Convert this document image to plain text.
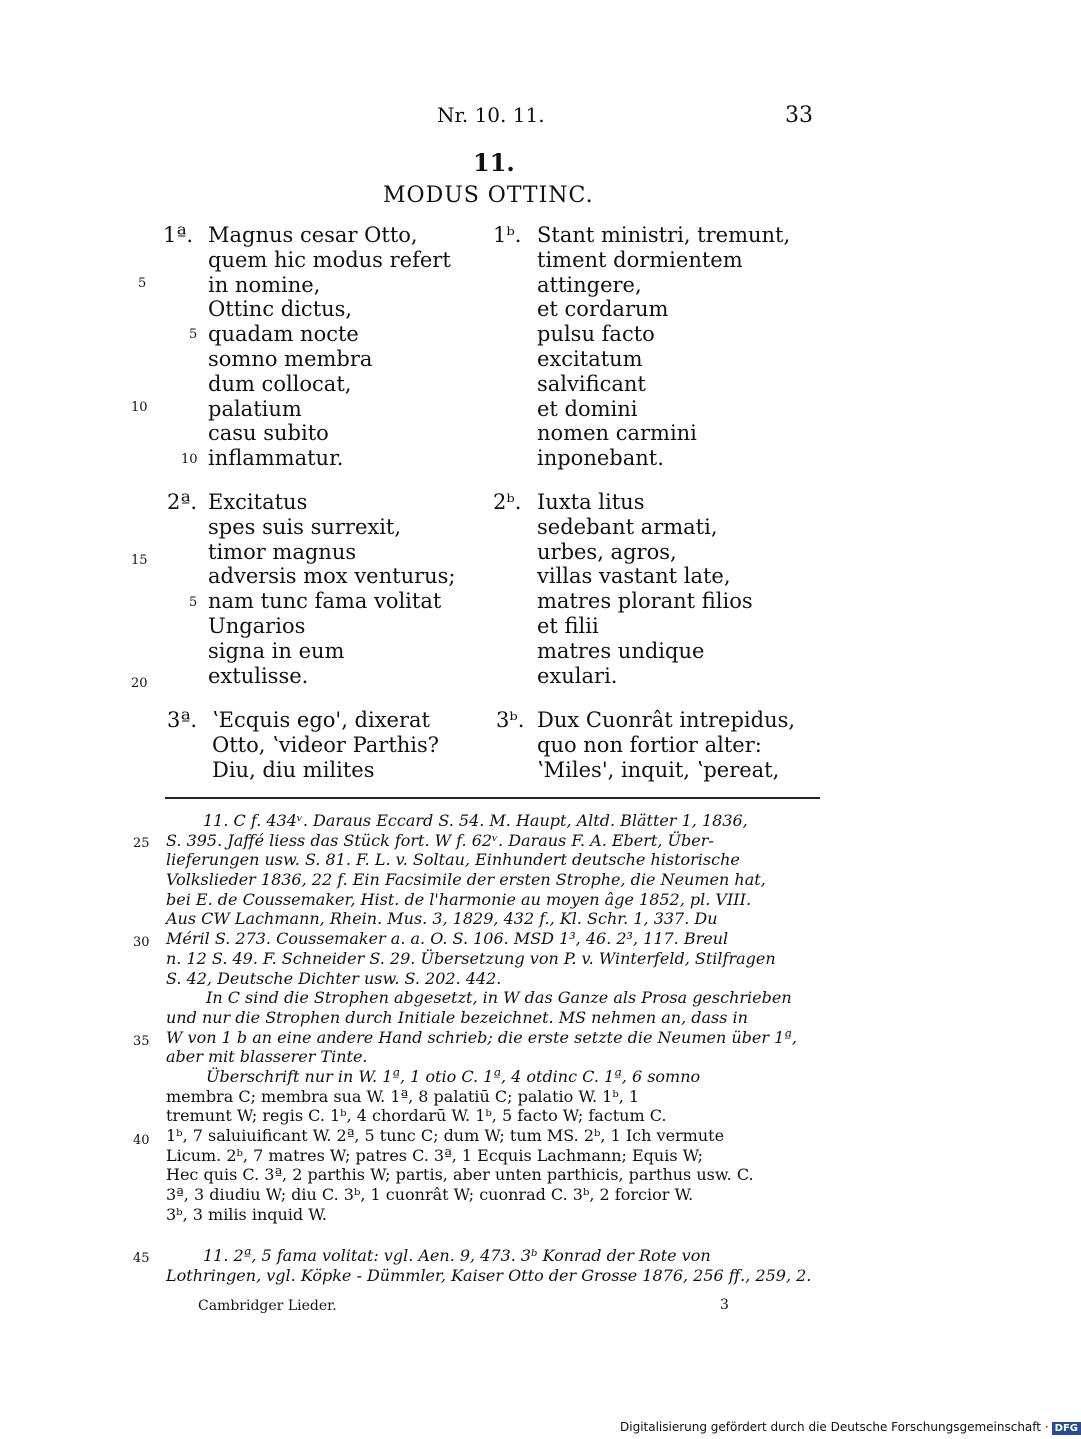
Nr. 10. 11.	33
11.
MODUS OTTINC.
1ª. Magnus cesar Otto,
quem hic modus refert
in nomine,
Ottinc dictus,
quadam nocte
somno membra
dum collocat,
palatium
casu subito
inflammatur.
1ᵇ. Stant ministri, tremunt,
timent dormientem
attingere,
et cordarum
pulsu facto
excitatum
salvificant
et domini
nomen carmini
inponebant.
2ª. Excitatus
spes suis surrexit,
timor magnus
adversis mox venturus;
nam tunc fama volitat
Ungarios
signa in eum
extulisse.
2ᵇ. Iuxta litus
sedebant armati,
urbes, agros,
villas vastant late,
matres plorant filios
et filii
matres undique
exulari.
3ª. ʽEcquis ego', dixerat
Otto, ʽvideor Parthis?
Diu, diu milites
3ᵇ. Dux Cuonrât intrepidus,
quo non fortior alter:
ʽMiles', inquit, ʽpereat,
5
10
15
20
5
10
5
11. C f. 434ᵛ. Daraus Eccard S. 54. M. Haupt, Altd. Blätter 1, 1836,
S. 395. Jaffé liess das Stück fort. W f. 62ᵛ. Daraus F. A. Ebert, Über-
lieferungen usw. S. 81. F. L. v. Soltau, Einhundert deutsche historische
Volkslieder 1836, 22 f. Ein Facsimile der ersten Strophe, die Neumen hat,
bei E. de Coussemaker, Hist. de l'harmonie au moyen âge 1852, pl. VIII.
Aus CW Lachmann, Rhein. Mus. 3, 1829, 432 f., Kl. Schr. 1, 337. Du
Méril S. 273. Coussemaker a. a. O. S. 106. MSD 1³, 46. 2³, 117. Breul
n. 12 S. 49. F. Schneider S. 29. Übersetzung von P. v. Winterfeld, Stilfragen
S. 42, Deutsche Dichter usw. S. 202. 442.
In C sind die Strophen abgesetzt, in W das Ganze als Prosa geschrieben
und nur die Strophen durch Initiale bezeichnet. MS nehmen an, dass in
W von 1 b an eine andere Hand schrieb; die erste setzte die Neumen über 1ª,
aber mit blasserer Tinte.
Überschrift nur in W. 1ª, 1 otio C. 1ª, 4 otdinc C. 1ª, 6 somno
membra C; membra sua W. 1ª, 8 palatiū C; palatio W. 1ᵇ, 1
tremunt W; regis C. 1ᵇ, 4 chordarū W. 1ᵇ, 5 facto W; factum C.
1ᵇ, 7 saluiuificant W. 2ª, 5 tunc C; dum W; tum MS. 2ᵇ, 1 Ich vermute
Licum. 2ᵇ, 7 matres W; patres C. 3ª, 1 Ecquis Lachmann; Equis W;
Hec quis C. 3ª, 2 parthis W; partis, aber unten parthicis, parthus usw. C.
3ª, 3 diudiu W; diu C. 3ᵇ, 1 cuonrât W; cuonrad C. 3ᵇ, 2 forcior W.
3ᵇ, 3 milis inquid W.
25
30
35
40
45	11. 2ª, 5 fama volitat: vgl. Aen. 9, 473. 3ᵇ Konrad der Rote von
Lothringen, vgl. Köpke - Dümmler, Kaiser Otto der Grosse 1876, 256 ff., 259, 2.
Cambridger Lieder.	3
Digitalisierung gefördert durch die Deutsche Forschungsgemeinschaft · DFG
